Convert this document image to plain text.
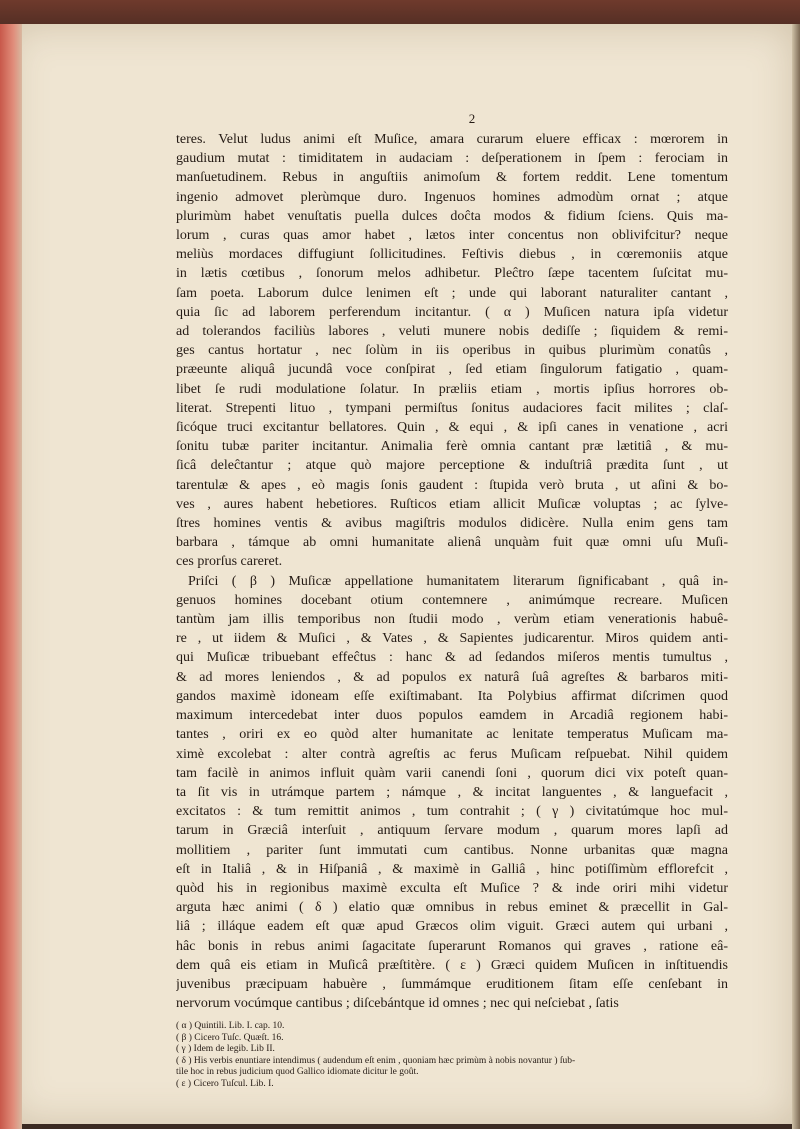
2
teres. Velut ludus animi eſt Muſice, amara curarum eluere efficax : mœrorem in
gaudium mutat : timiditatem in audaciam : deſperationem in ſpem : ferociam in
manſuetudinem. Rebus in anguſtiis animoſum & fortem reddit. Lene tomentum
ingenio admovet plerùmque duro. Ingenuos homines admodùm ornat ; atque
plurimùm habet venuſtatis puella dulces doĉta modos & fidium ſciens. Quis ma-
lorum , curas quas amor habet , lætos inter concentus non oblivifcitur? neque
meliùs mordaces diffugiunt ſollicitudines. Feſtivis diebus , in cœremoniis atque
in lætis cœtibus , ſonorum melos adhibetur. Pleĉtro ſæpe tacentem ſuſcitat mu-
ſam poeta. Laborum dulce lenimen eſt ; unde qui laborant naturaliter cantant ,
quia ſic ad laborem perferendum incitantur. ( α ) Muſicen natura ipſa videtur
ad tolerandos faciliùs labores , veluti munere nobis dediſſe ; ſiquidem & remi-
ges cantus hortatur , nec ſolùm in iis operibus in quibus plurimùm conatûs ,
præeunte aliquâ jucundâ voce conſpirat , ſed etiam ſingulorum fatigatio , quam-
libet ſe rudi modulatione ſolatur. In præliis etiam , mortis ipſius horrores ob-
literat. Strepenti lituo , tympani permiſtus ſonitus audaciores facit milites ; claſ-
ſicóque truci excitantur bellatores. Quin , & equi , & ipſi canes in venatione , acri
ſonitu tubæ pariter incitantur. Animalia ferè omnia cantant præ lætitiâ , & mu-
ſicâ deleĉtantur ; atque quò majore perceptione & induſtriâ prædita ſunt , ut
tarentulæ & apes , eò magis ſonis gaudent : ſtupida verò bruta , ut aſini & bo-
ves , aures habent hebetiores. Ruſticos etiam allicit Muſicæ voluptas ; ac ſylve-
ſtres homines ventis & avibus magiſtris modulos didicère. Nulla enim gens tam
barbara , támque ab omni humanitate alienâ unquàm fuit quæ omni uſu Muſi-
ces prorſus careret.
Priſci ( β ) Muſicæ appellatione humanitatem literarum ſignificabant , quâ in-
genuos homines docebant otium contemnere , animúmque recreare. Muſicen
tantùm jam illis temporibus non ſtudii modo , verùm etiam venerationis habuê-
re , ut iidem & Muſici , & Vates , & Sapientes judicarentur. Miros quidem anti-
qui Muſicæ tribuebant effeĉtus : hanc & ad ſedandos miſeros mentis tumultus ,
& ad mores leniendos , & ad populos ex naturâ ſuâ agreſtes & barbaros miti-
gandos maximè idoneam eſſe exiſtimabant. Ita Polybius affirmat diſcrimen quod
maximum intercedebat inter duos populos eamdem in Arcadiâ regionem habi-
tantes , oriri ex eo quòd alter humanitate ac lenitate temperatus Muſicam ma-
ximè excolebat : alter contrà agreſtis ac ferus Muſicam reſpuebat. Nihil quidem
tam facilè in animos influit quàm varii canendi ſoni , quorum dici vix poteſt quan-
ta ſit vis in utrámque partem ; námque , & incitat languentes , & languefacit ,
excitatos : & tum remittit animos , tum contrahit ; ( γ ) civitatúmque hoc mul-
tarum in Græciâ interſuit , antiquum ſervare modum , quarum mores lapſi ad
mollitiem , pariter ſunt immutati cum cantibus. Nonne urbanitas quæ magna
eſt in Italiâ , & in Hiſpaniâ , & maximè in Galliâ , hinc potiſſimùm efflorefcit ,
quòd his in regionibus maximè exculta eſt Muſice ? & inde oriri mihi videtur
arguta hæc animi ( δ ) elatio quæ omnibus in rebus eminet & præcellit in Gal-
liâ ; illáque eadem eſt quæ apud Græcos olim viguit. Græci autem qui urbani ,
hâc bonis in rebus animi ſagacitate ſuperarunt Romanos qui graves , ratione eâ-
dem quâ eis etiam in Muſicâ præſtitère. ( ε ) Græci quidem Muſicen in inſtituendis
juvenibus præcipuam habuère , ſummámque eruditionem ſitam eſſe cenſebant in
nervorum vocúmque cantibus ; diſcebántque id omnes ; nec qui neſciebat , ſatis
( α ) Quintili. Lib. I. cap. 10.
( β ) Cicero Tuſc. Quæſt. 16.
( γ ) Idem de legib. Lib II.
( δ ) His verbis enuntiare intendimus ( audendum eſt enim , quoniam hæc primùm à nobis novantur ) ſub-
tile hoc in rebus judicium quod Gallico idiomate dicitur le goût.
( ε ) Cicero Tuſcul. Lib. I.
